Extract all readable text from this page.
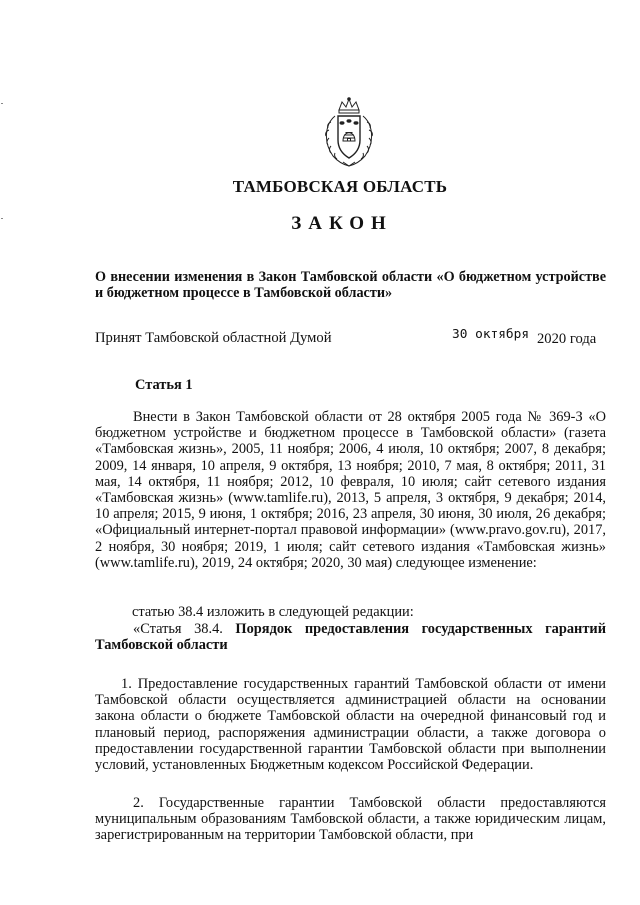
ТАМБОВСКАЯ ОБЛАСТЬ
ЗАКОН
О внесении изменения в Закон Тамбовской области «О бюджетном устройстве и бюджетном процессе в Тамбовской области»
Принят Тамбовской областной Думой	30 октября 2020 года
Статья 1
Внести в Закон Тамбовской области от 28 октября 2005 года № 369-З «О бюджетном устройстве и бюджетном процессе в Тамбовской области» (газета «Тамбовская жизнь», 2005, 11 ноября; 2006, 4 июля, 10 октября; 2007, 8 декабря; 2009, 14 января, 10 апреля, 9 октября, 13 ноября; 2010, 7 мая, 8 октября; 2011, 31 мая, 14 октября, 11 ноября; 2012, 10 февраля, 10 июля; сайт сетевого издания «Тамбовская жизнь» (www.tamlife.ru), 2013, 5 апреля, 3 октября, 9 декабря; 2014, 10 апреля; 2015, 9 июня, 1 октября; 2016, 23 апреля, 30 июня, 30 июля, 26 декабря; «Официальный интернет-портал правовой информации» (www.pravo.gov.ru), 2017, 2 ноября, 30 ноября; 2019, 1 июля; сайт сетевого издания «Тамбовская жизнь» (www.tamlife.ru), 2019, 24 октября; 2020, 30 мая) следующее изменение:
статью 38.4 изложить в следующей редакции:
«Статья 38.4. Порядок предоставления государственных гарантий Тамбовской области
1. Предоставление государственных гарантий Тамбовской области от имени Тамбовской области осуществляется администрацией области на основании закона области о бюджете Тамбовской области на очередной финансовый год и плановый период, распоряжения администрации области, а также договора о предоставлении государственной гарантии Тамбовской области при выполнении условий, установленных Бюджетным кодексом Российской Федерации.
2. Государственные гарантии Тамбовской области предоставляются муниципальным образованиям Тамбовской области, а также юридическим лицам, зарегистрированным на территории Тамбовской области, при
